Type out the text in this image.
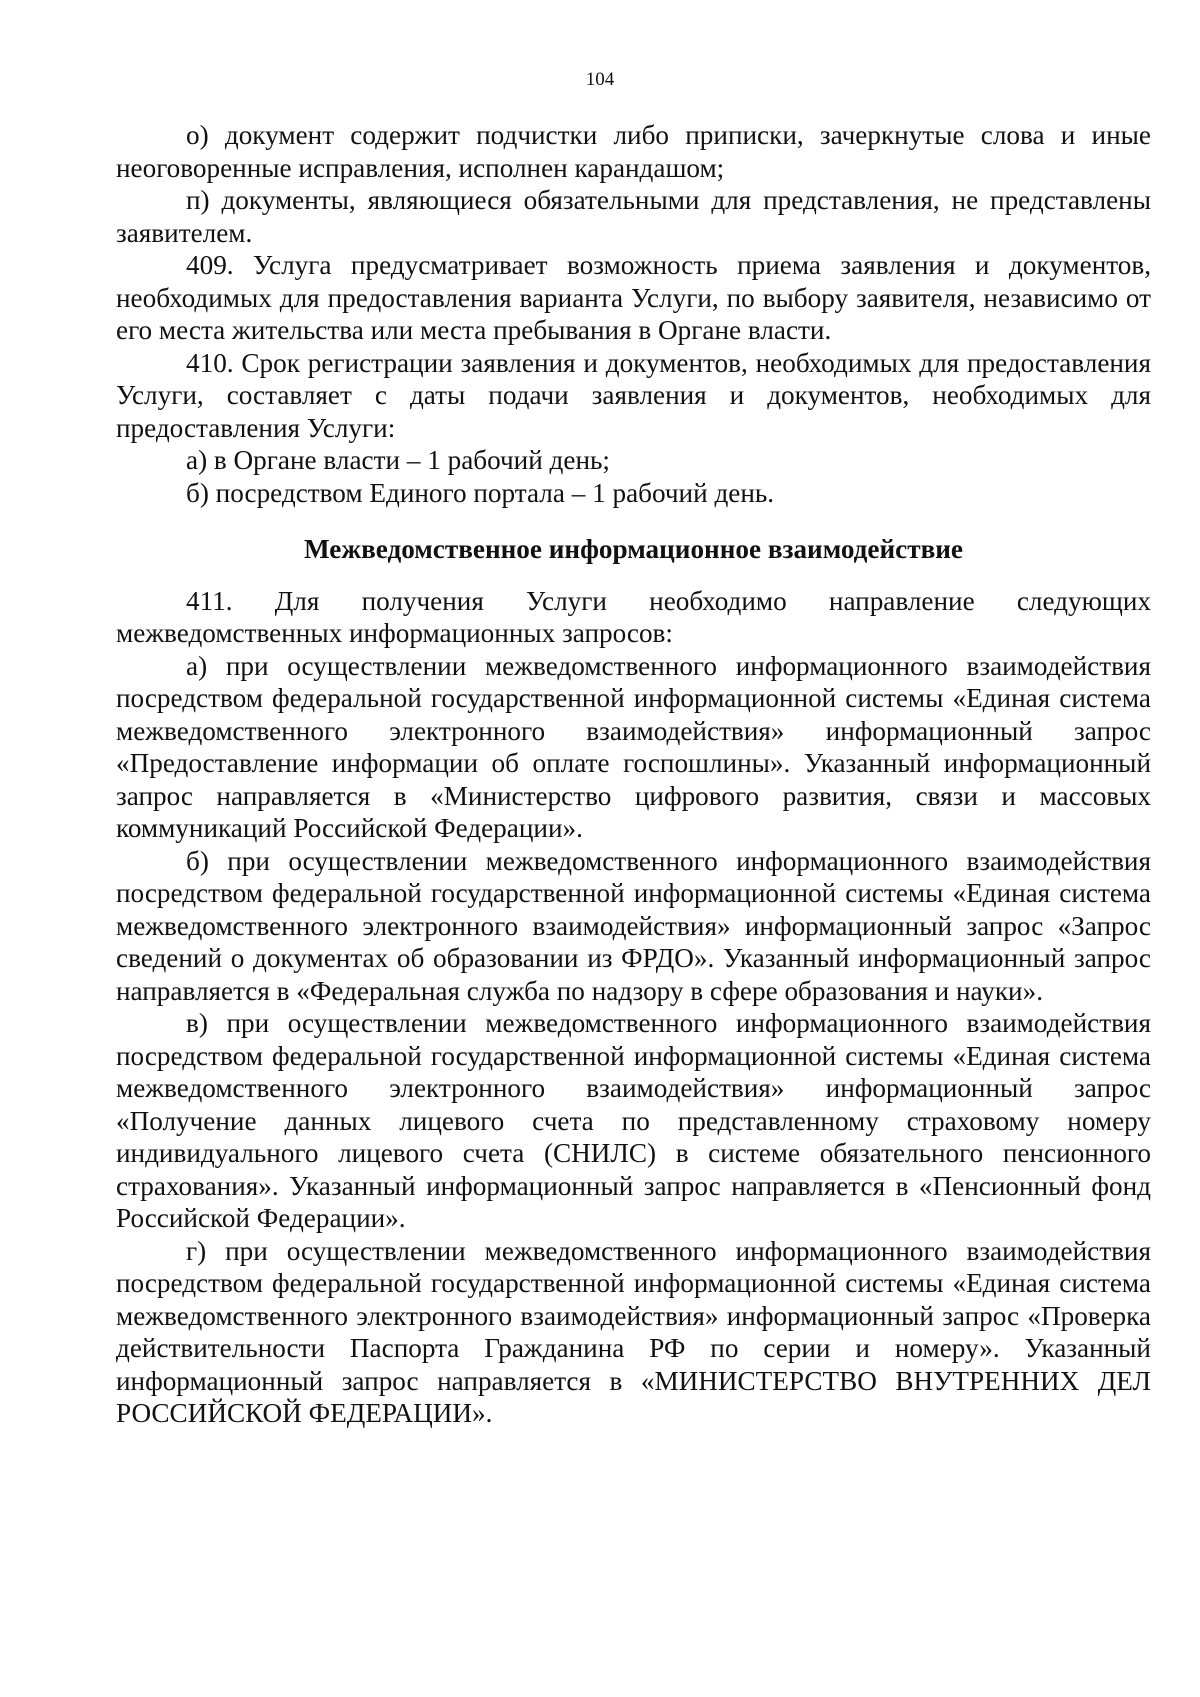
104

о) документ содержит подчистки либо приписки, зачеркнутые слова и иные неоговоренные исправления, исполнен карандашом;

п) документы, являющиеся обязательными для представления, не представлены заявителем.

409. Услуга предусматривает возможность приема заявления и документов, необходимых для предоставления варианта Услуги, по выбору заявителя, независимо от его места жительства или места пребывания в Органе власти.

410. Срок регистрации заявления и документов, необходимых для предоставления Услуги, составляет с даты подачи заявления и документов, необходимых для предоставления Услуги:

а) в Органе власти – 1 рабочий день;

б) посредством Единого портала – 1 рабочий день.

Межведомственное информационное взаимодействие

411. Для получения Услуги необходимо направление следующих межведомственных информационных запросов:

а) при осуществлении межведомственного информационного взаимодействия посредством федеральной государственной информационной системы «Единая система межведомственного электронного взаимодействия» информационный запрос «Предоставление информации об оплате госпошлины». Указанный информационный запрос направляется в «Министерство цифрового развития, связи и массовых коммуникаций Российской Федерации».

б) при осуществлении межведомственного информационного взаимодействия посредством федеральной государственной информационной системы «Единая система межведомственного электронного взаимодействия» информационный запрос «Запрос сведений о документах об образовании из ФРДО». Указанный информационный запрос направляется в «Федеральная служба по надзору в сфере образования и науки».

в) при осуществлении межведомственного информационного взаимодействия посредством федеральной государственной информационной системы «Единая система межведомственного электронного взаимодействия» информационный запрос «Получение данных лицевого счета по представленному страховому номеру индивидуального лицевого счета (СНИЛС) в системе обязательного пенсионного страхования». Указанный информационный запрос направляется в «Пенсионный фонд Российской Федерации».

г) при осуществлении межведомственного информационного взаимодействия посредством федеральной государственной информационной системы «Единая система межведомственного электронного взаимодействия» информационный запрос «Проверка действительности Паспорта Гражданина РФ по серии и номеру». Указанный информационный запрос направляется в «МИНИСТЕРСТВО ВНУТРЕННИХ ДЕЛ РОССИЙСКОЙ ФЕДЕРАЦИИ».
